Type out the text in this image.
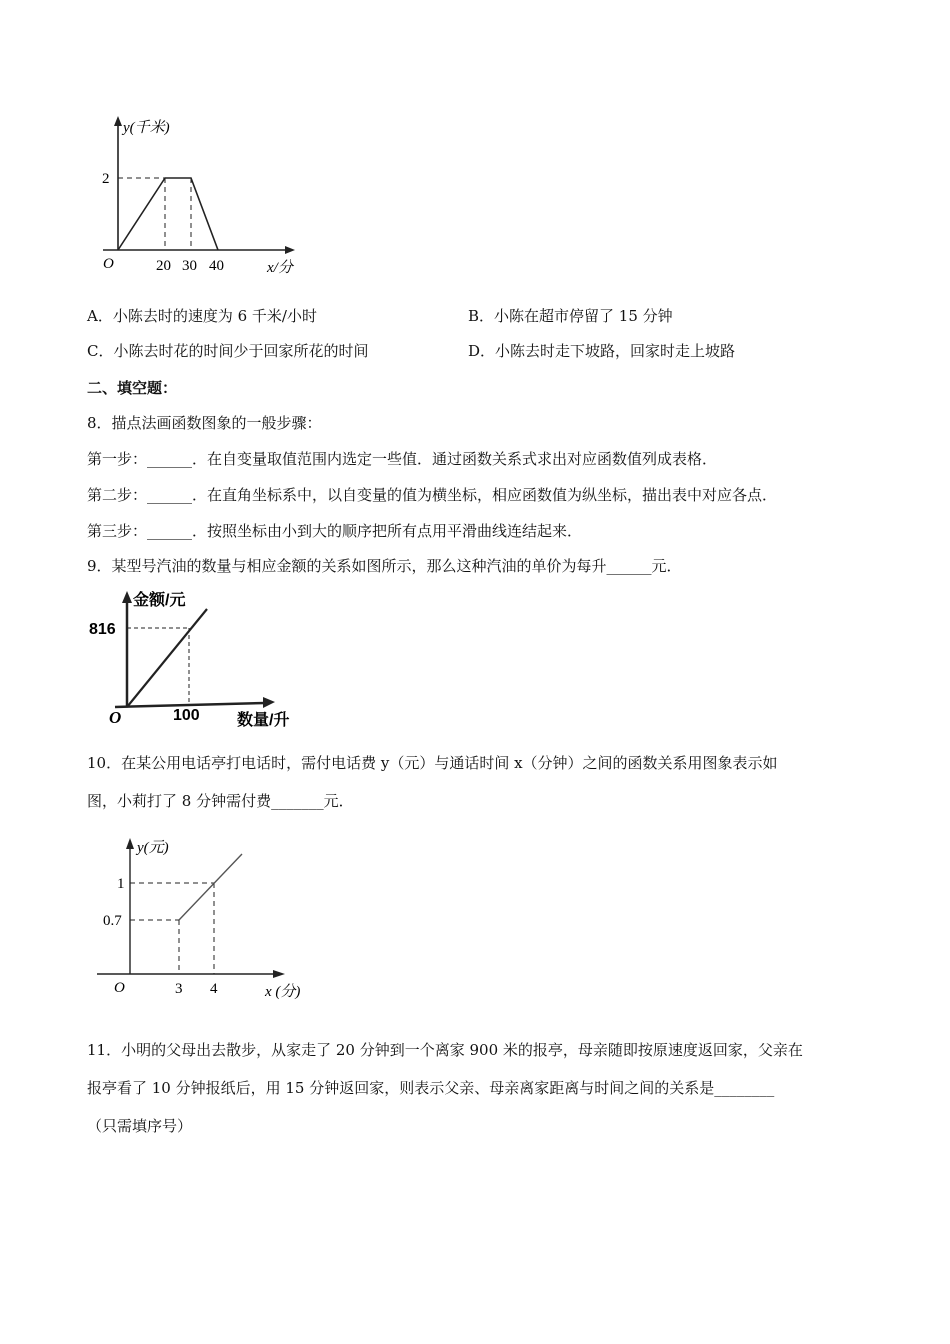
y(千米)
2
O	20 30 40	x/分
A．小陈去时的速度为 6 千米/小时	B．小陈在超市停留了 15 分钟
C．小陈去时花的时间少于回家所花的时间	D．小陈去时走下坡路，回家时走上坡路
二、填空题：
8．描点法画函数图象的一般步骤：
第一步：______．在自变量取值范围内选定一些值．通过函数关系式求出对应函数值列成表格．
第二步：______．在直角坐标系中，以自变量的值为横坐标，相应函数值为纵坐标，描出表中对应各点．
第三步：______．按照坐标由小到大的顺序把所有点用平滑曲线连结起来．
9．某型号汽油的数量与相应金额的关系如图所示，那么这种汽油的单价为每升______元．
金额/元
816
O	100 数量/升
10．在某公用电话亭打电话时，需付电话费 y（元）与通话时间 x（分钟）之间的函数关系用图象表示如
图，小莉打了 8 分钟需付费_______元．
y(元)
1
0.7
O	3 4	x (分)
11．小明的父母出去散步，从家走了 20 分钟到一个离家 900 米的报亭，母亲随即按原速度返回家，父亲在
报亭看了 10 分钟报纸后，用 15 分钟返回家，则表示父亲、母亲离家距离与时间之间的关系是________
（只需填序号）
